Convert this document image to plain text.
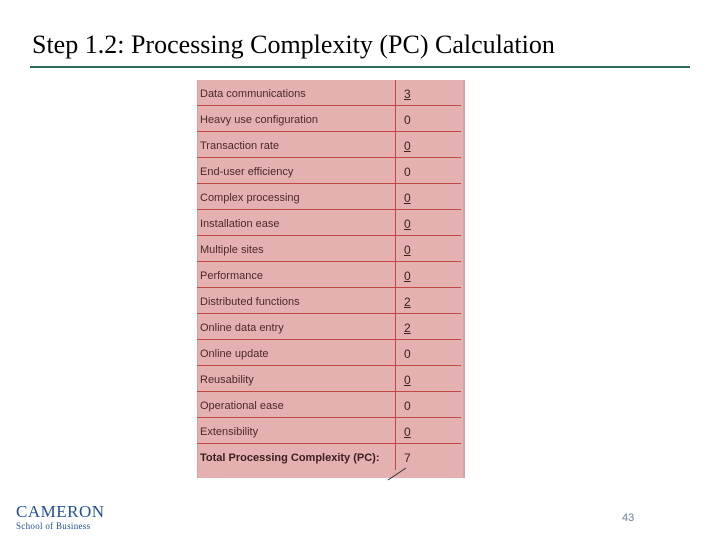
Step 1.2: Processing Complexity (PC) Calculation
Data communications	3
Heavy use configuration	0
Transaction rate	0
End-user efficiency	0
Complex processing	0
Installation ease	0
Multiple sites	0
Performance	0
Distributed functions	2
Online data entry	2
Online update	0
Reusability	0
Operational ease	0
Extensibility	0
Total Processing Complexity (PC): 7
CAMERON
School of Business
43
